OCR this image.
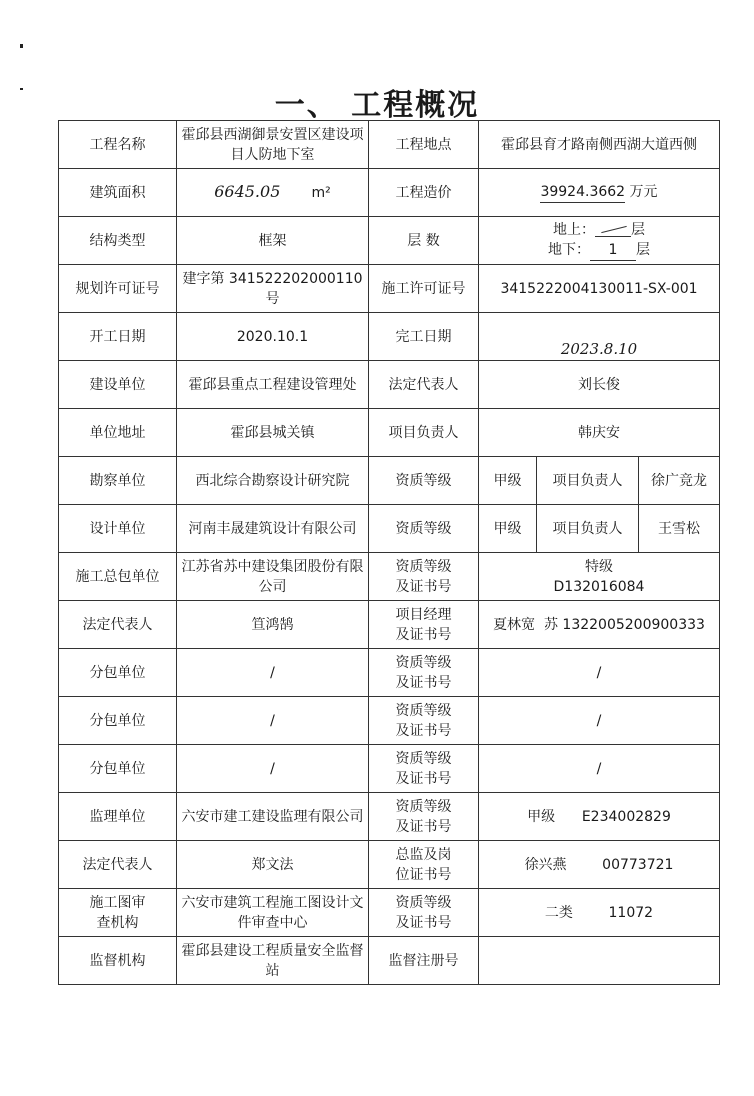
一、 工程概况
工程名称	霍邱县西湖御景安置区建设项目人防地下室	工程地点	霍邱县育才路南侧西湖大道西侧		
建筑面积	6645.05 m²	工程造价	39924.3662 万元		
结构类型	框架	层 数	地上： 层
地下： 1 层		

规划许可证号	建字第 341522202000110号	施工许可证号	3415222004130011-SX-001		
开工日期	2020.10.1	完工日期	2023.8.10		
建设单位	霍邱县重点工程建设管理处	法定代表人	刘长俊		
单位地址	霍邱县城关镇	项目负责人	韩庆安		
勘察单位	西北综合勘察设计研究院	资质等级	甲级	项目负责人	徐广竞龙
设计单位	河南丰晟建筑设计有限公司	资质等级	甲级	项目负责人	王雪松
施工总包单位	江苏省苏中建设集团股份有限公司	资质等级及证书号	特级
D132016084		

法定代表人	笪鸿鹄	项目经理及证书号	夏林宽  苏 1322005200900333		
分包单位	/	资质等级及证书号	/		
分包单位	/	资质等级及证书号	/		
分包单位	/	资质等级及证书号	/		
监理单位	六安市建工建设监理有限公司	资质等级及证书号	甲级      E234002829		
法定代表人	郑文法	总监及岗位证书号	徐兴燕        00773721		
施工图审查机构	六安市建筑工程施工图设计文件审查中心	资质等级及证书号	二类        11072		
监督机构	霍邱县建设工程质量安全监督站	监督注册号			
